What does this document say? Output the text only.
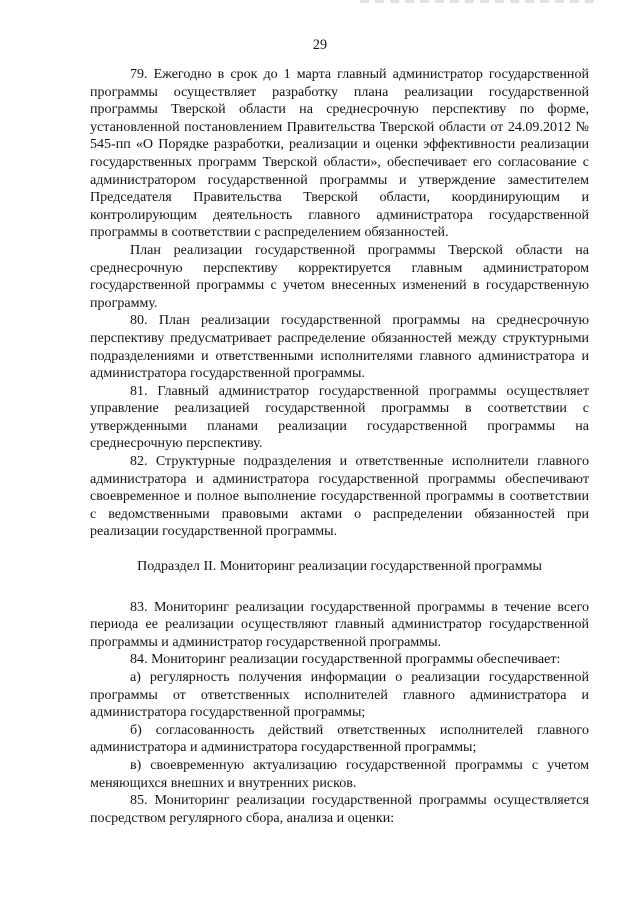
29

79. Ежегодно в срок до 1 марта главный администратор государственной программы осуществляет разработку плана реализации государственной программы Тверской области на среднесрочную перспективу по форме, установленной постановлением Правительства Тверской области от 24.09.2012 № 545-пп «О Порядке разработки, реализации и оценки эффективности реализации государственных программ Тверской области», обеспечивает его согласование с администратором государственной программы и утверждение заместителем Председателя Правительства Тверской области, координирующим и контролирующим деятельность главного администратора государственной программы в соответствии с распределением обязанностей.

План реализации государственной программы Тверской области на среднесрочную перспективу корректируется главным администратором государственной программы с учетом внесенных изменений в государственную программу.

80. План реализации государственной программы на среднесрочную перспективу предусматривает распределение обязанностей между структурными подразделениями и ответственными исполнителями главного администратора и администратора государственной программы.

81. Главный администратор государственной программы осуществляет управление реализацией государственной программы в соответствии с утвержденными планами реализации государственной программы на среднесрочную перспективу.

82. Структурные подразделения и ответственные исполнители главного администратора и администратора государственной программы обеспечивают своевременное и полное выполнение государственной программы в соответствии с ведомственными правовыми актами о распределении обязанностей при реализации государственной программы.

Подраздел II. Мониторинг реализации государственной программы

83. Мониторинг реализации государственной программы в течение всего периода ее реализации осуществляют главный администратор государственной программы и администратор государственной программы.

84. Мониторинг реализации государственной программы обеспечивает:

а) регулярность получения информации о реализации государственной программы от ответственных исполнителей главного администратора и администратора государственной программы;

б) согласованность действий ответственных исполнителей главного администратора и администратора государственной программы;

в) своевременную актуализацию государственной программы с учетом меняющихся внешних и внутренних рисков.

85. Мониторинг реализации государственной программы осуществляется посредством регулярного сбора, анализа и оценки:
